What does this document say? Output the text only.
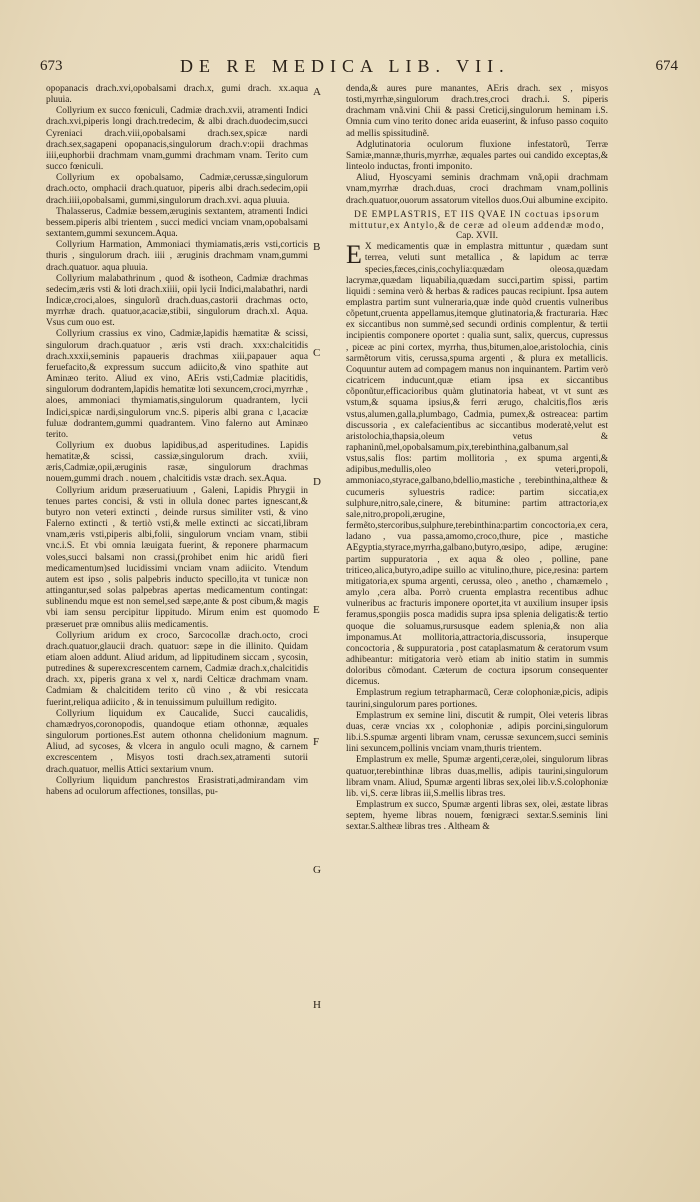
673	DE RE MEDICA LIB. VII.	674
A
B
C
D
E
F
G
H

opopanacis drach.xvi,opobalsami drach.x, gumi drach. xx.aqua pluuia.

Collyrium ex succo fœniculi, Cadmiæ drach.xvii, atramenti Indici drach.xvi,piperis longi drach.tredecim, & albi drach.duodecim,succi Cyreniaci drach.viii,opobalsami drach.sex,spicæ nardi drach.sex,sagapeni opopanacis,singulorum drach.v:opii drachmas iiii,euphorbii drachmam vnam,gummi drachmam vnam. Terito cum succo fœniculi.

Collyrium ex opobalsamo, Cadmiæ,cerussæ,singulorum drach.octo, omphacii drach.quatuor, piperis albi drach.sedecim,opii drach.iiii,opobalsami, gummi,singulorum drach.xvi. aqua pluuia.

Thalasserus, Cadmiæ bessem,æruginis sextantem, atramenti Indici bessem.piperis albi trientem , succi medici vnciam vnam,opobalsami sextantem,gummi sexuncem.Aqua.

Collyrium Harmation, Ammoniaci thymiamatis,æris vsti,corticis thuris , singulorum drach. iiii , æruginis drachmam vnam,gummi drach.quatuor. aqua pluuia.

Collyrium malabathrinum , quod & isotheon, Cadmiæ drachmas sedecim,æris vsti & loti drach.xiiii, opii lycii Indici,malabathri, nardi Indicæ,croci,aloes, singulorũ drach.duas,castorii drachmas octo, myrrhæ drach. quatuor,acaciæ,stibii, singulorum drach.xl. Aqua. Vsus cum ouo est.

Collyrium crassius ex vino, Cadmiæ,lapidis hæmatitæ & scissi, singulorum drach.quatuor , æris vsti drach. xxx:chalcitidis drach.xxxii,seminis papaueris drachmas xiii,papauer aqua feruefacito,& expressum succum adiicito,& vino spathite aut Aminæo terito. Aliud ex vino, AEris vsti,Cadmiæ placitidis, singulorum dodrantem,lapidis hematitæ loti sexuncem,croci,myrrhæ , aloes, ammoniaci thymiamatis,singulorum quadrantem, lycii Indici,spicæ nardi,singulorum vnc.S. piperis albi grana c l,acaciæ fuluæ dodrantem,gummi quadrantem. Vino falerno aut Aminæo terito.

Collyrium ex duobus lapidibus,ad asperitudines. Lapidis hematitæ,& scissi, cassiæ,singulorum drach. xviii, æris,Cadmiæ,opii,æruginis rasæ, singulorum drachmas nouem,gummi drach . nouem , chalcitidis vstæ drach. sex.Aqua.

Collyrium aridum præseruatiuum , Galeni, Lapidis Phrygii in tenues partes concisi, & vsti in ollula donec partes ignescant,& butyro non veteri extincti , deinde rursus similiter vsti, & vino Falerno extincti , & tertiò vsti,& melle extincti ac siccati,libram vnam,æris vsti,piperis albi,folii, singulorum vnciam vnam, stibii vnc.i.S. Et vbi omnia læuigata fuerint, & reponere pharmacum voles,succi balsami non crassi,(prohibet enim hic aridũ fieri medicamentum)sed lucidissimi vnciam vnam adiicito. Vtendum autem est ipso , solis palpebris inducto specillo,ita vt tunicæ non attingantur,sed solas palpebras apertas medicamentum contingat: sublinendu mque est non semel,sed sæpe,ante & post cibum,& magis vbi iam sensu percipitur lippitudo. Mirum enim est quomodo præseruet præ omnibus aliis medicamentis.

Collyrium aridum ex croco, Sarcocollæ drach.octo, croci drach.quatuor,glaucii drach. quatuor: sæpe in die illinito. Quidam etiam aloen addunt. Aliud aridum, ad lippitudinem siccam , sycosin, putredines & superexcrescentem carnem, Cadmiæ drach.x,chalcitidis drach. xx, piperis grana x vel x, nardi Celticæ drachmam vnam. Cadmiam & chalcitidem terito cũ vino , & vbi resiccata fuerint,reliqua adiicito , & in tenuissimum puluillum redigito.

Collyrium liquidum ex Caucalide, Succi caucalidis, chamædryos,coronopodis, quandoque etiam othonnæ, æquales singulorum portiones.Est autem othonna chelidonium magnum. Aliud, ad sycoses, & vlcera in angulo oculi magno, & carnem excrescentem , Misyos tosti drach.sex,atramenti sutorii drach.quatuor, mellis Attici sextarium vnum.

Collyrium liquidum panchrestos Erasistrati,admirandam vim habens ad oculorum affectiones, tonsillas, pu-

denda,& aures pure manantes, AEris drach. sex , misyos tosti,myrrhæ,singulorum drach.tres,croci drach.i. S. piperis drachmam vnã.vini Chii & passi Creticij,singulorum heminam i.S. Omnia cum vino terito donec arida euaserint, & infuso passo coquito ad mellis spissitudinẽ.

Adglutinatoria oculorum fluxione infestatorũ, Terræ Samiæ,mannæ,thuris,myrrhæ, æquales partes oui candido exceptas,& linteolo inductas, fronti imponito.

Aliud, Hyoscyami seminis drachmam vnã,opii drachmam vnam,myrrhæ drach.duas, croci drachmam vnam,pollinis drach.quatuor,ouorum assatorum vitellos duos.Oui albumine excipito.

DE EMPLASTRIS, ET IIS QVAE IN coctuas ipsorum mittutur,ex Antylo,& de ceræ ad oleum addendæ modo,

Cap. XVII.

E X medicamentis quæ in emplastra mittuntur , quædam sunt terrea, veluti sunt metallica , & lapidum ac terræ species,fæces,cinis,cochylia:quædam oleosa,quædam lacrymæ,quædam liquabilia,quædam succi,partim spissi, partim liquidi : semina verò & herbas & radices paucas recipiunt. Ipsa autem emplastra partim sunt vulneraria,quæ inde quòd cruentis vulneribus cõpetunt,cruenta appellamus,itemque glutinatoria,& fracturaria. Hæc ex siccantibus non summè,sed secundi ordinis complentur, & tertii incipientis componere oportet : qualia sunt, salix, quercus, cupressus , piceæ ac pini cortex, myrrha, thus,bitumen,aloe,aristolochia, cinis sarmẽtorum vitis, cerussa,spuma argenti , & plura ex metallicis. Coquuntur autem ad compagem manus non inquinantem. Partim verò cicatricem inducunt,quæ etiam ipsa ex siccantibus cõponũtur,efficacioribus quàm glutinatoria habeat, vt vt sunt æs vstum,& squama ipsius,& ferri ærugo, chalcitis,flos æris vstus,alumen,galla,plumbago, Cadmia, pumex,& ostreacea: partim discussoria , ex calefacientibus ac siccantibus moderatè,velut est aristolochia,thapsia,oleum vetus & raphaninũ,mel,opobalsamum,pix,terebinthina,galbanum,sal vstus,salis flos: partim mollitoria , ex spuma argenti,& adipibus,medullis,oleo veteri,propoli, ammoniaco,styrace,galbano,bdellio,mastiche , terebinthina,altheæ & cucumeris syluestris radice: partim siccatia,ex sulphure,nitro,sale,cinere, & bitumine: partim attractoria,ex sale,nitro,propoli,ærugine, fermẽto,stercoribus,sulphure,terebinthina:partim concoctoria,ex cera, ladano , vua passa,amomo,croco,thure, pice , mastiche AEgyptia,styrace,myrrha,galbano,butyro,œsipo, adipe, ærugine: partim suppuratoria , ex aqua & oleo , polline, pane triticeo,alica,butyro,adipe suillo ac vitulino,thure, pice,resina: partem mitigatoria,ex spuma argenti, cerussa, oleo , anetho , chamæmelo , amylo ,cera alba. Porrò cruenta emplastra recentibus adhuc vulneribus ac fracturis imponere oportet,ita vt auxilium insuper ipsis feramus,spongiis posca madidis supra ipsa splenia deligatis:& tertio quoque die soluamus,rursusque eadem splenia,& non alia imponamus.At mollitoria,attractoria,discussoria, insuperque concoctoria , & suppuratoria , post cataplasmatum & ceratorum vsum adhibeantur: mitigatoria verò etiam ab initio statim in summis doloribus cõmodant. Cæterum de coctura ipsorum consequenter dicemus.

Emplastrum regium tetrapharmacũ, Ceræ colophoniæ,picis, adipis taurini,singulorum pares portiones.

Emplastrum ex semine lini, discutit & rumpit, Olei veteris libras duas, ceræ vncias xx , colophoniæ , adipis porcini,singulorum lib.i.S.spumæ argenti libram vnam, cerussæ sexuncem,succi seminis lini sexuncem,pollinis vnciam vnam,thuris trientem.

Emplastrum ex melle, Spumæ argenti,ceræ,olei, singulorum libras quatuor,terebinthinæ libras duas,mellis, adipis taurini,singulorum libram vnam. Aliud, Spumæ argenti libras sex,olei lib.v.S.colophoniæ lib. vi,S. ceræ libras iii,S.mellis libras tres.

Emplastrum ex succo, Spumæ argenti libras sex, olei, æstate libras septem, hyeme libras nouem, fœnigræci sextar.S.seminis lini sextar.S.altheæ libras tres . Altheam &
